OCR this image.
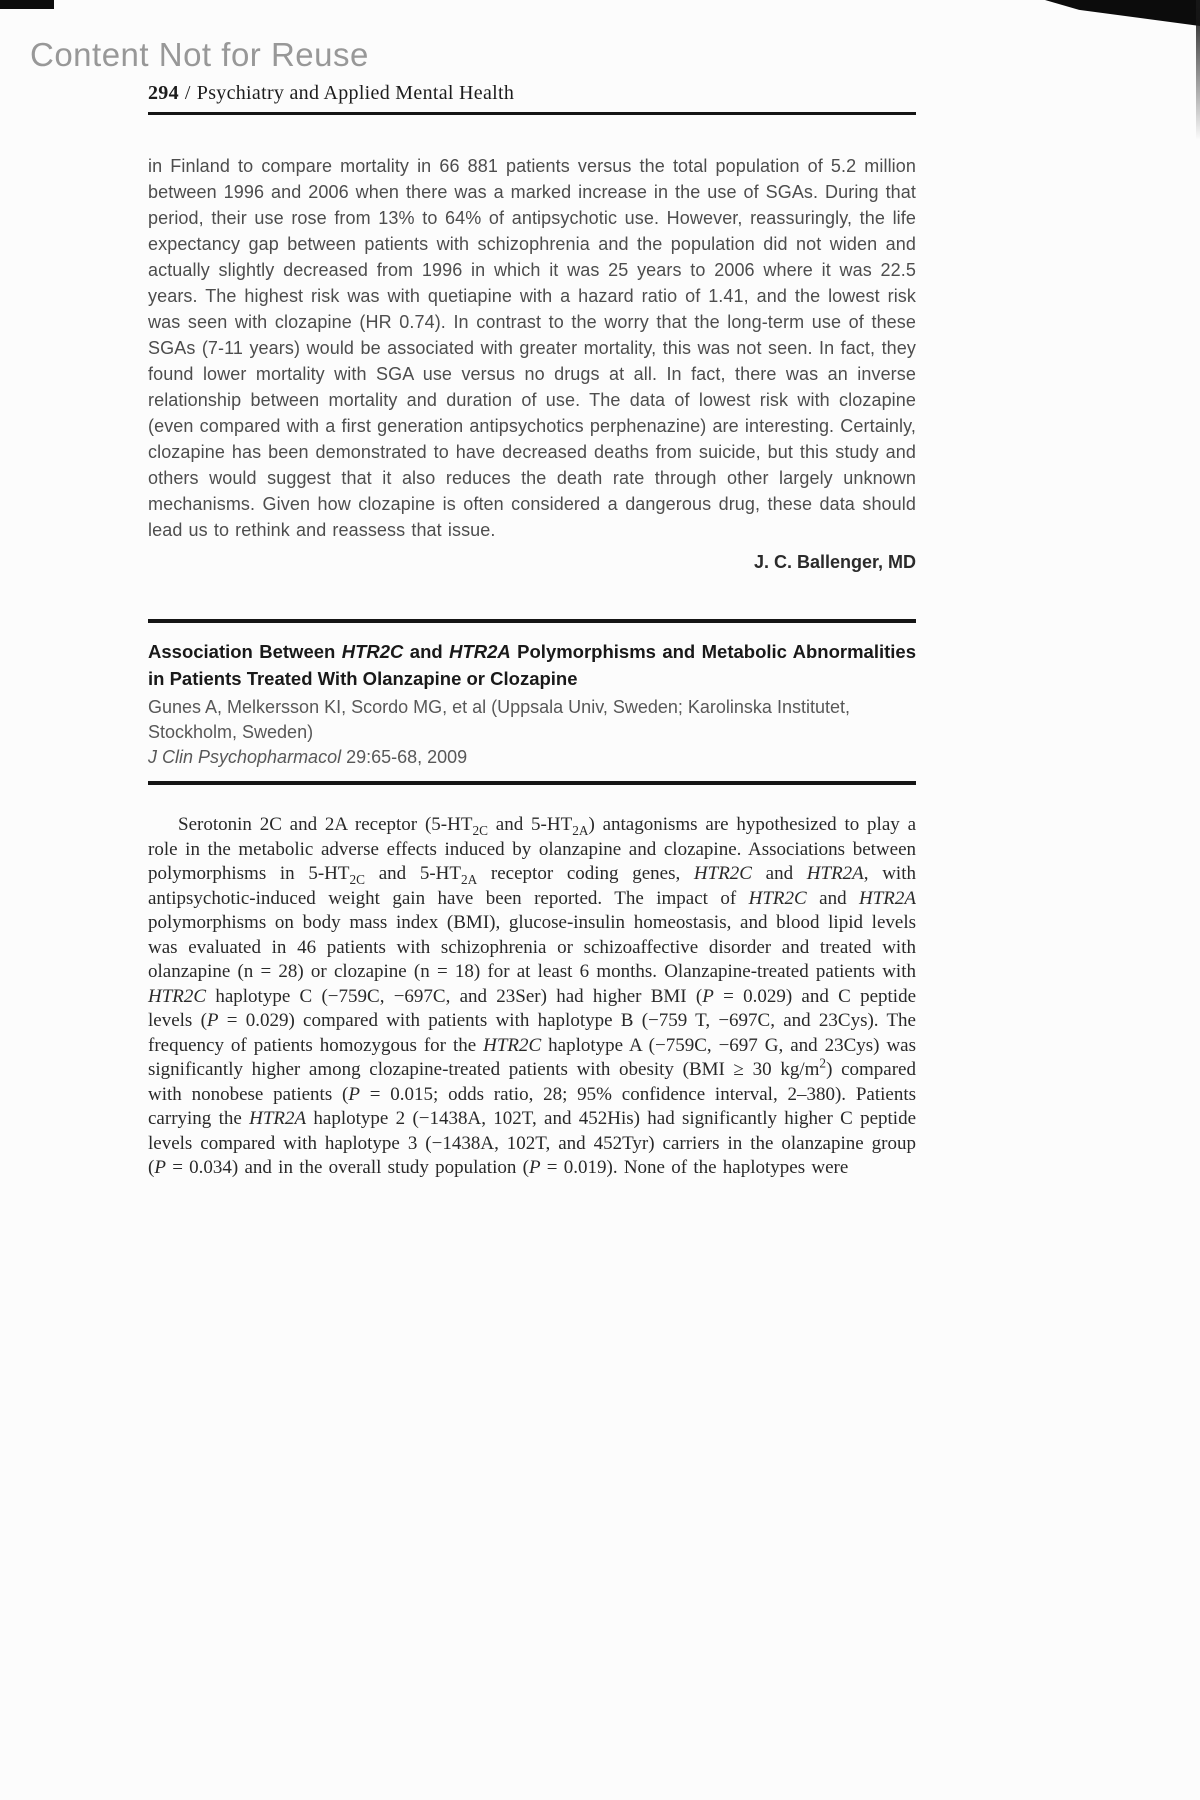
Content Not for Reuse
294 / Psychiatry and Applied Mental Health

in Finland to compare mortality in 66 881 patients versus the total population of 5.2 million between 1996 and 2006 when there was a marked increase in the use of SGAs. During that period, their use rose from 13% to 64% of antipsychotic use. However, reassuringly, the life expectancy gap between patients with schizophrenia and the population did not widen and actually slightly decreased from 1996 in which it was 25 years to 2006 where it was 22.5 years. The highest risk was with quetiapine with a hazard ratio of 1.41, and the lowest risk was seen with clozapine (HR 0.74). In contrast to the worry that the long-term use of these SGAs (7-11 years) would be associated with greater mortality, this was not seen. In fact, they found lower mortality with SGA use versus no drugs at all. In fact, there was an inverse relationship between mortality and duration of use. The data of lowest risk with clozapine (even compared with a first generation antipsychotics perphenazine) are interesting. Certainly, clozapine has been demonstrated to have decreased deaths from suicide, but this study and others would suggest that it also reduces the death rate through other largely unknown mechanisms. Given how clozapine is often considered a dangerous drug, these data should lead us to rethink and reassess that issue.

J. C. Ballenger, MD

Association Between HTR2C and HTR2A Polymorphisms and Metabolic Abnormalities in Patients Treated With Olanzapine or Clozapine

Gunes A, Melkersson KI, Scordo MG, et al (Uppsala Univ, Sweden; Karolinska Institutet, Stockholm, Sweden)

J Clin Psychopharmacol 29:65-68, 2009

Serotonin 2C and 2A receptor ($5-HT_{2C}$ and $5-HT_{2A}$) antagonisms are hypothesized to play a role in the metabolic adverse effects induced by olanzapine and clozapine. Associations between polymorphisms in $5-HT_{2C}$ and $5-HT_{2A}$ receptor coding genes, HTR2C and HTR2A, with antipsychotic-induced weight gain have been reported. The impact of HTR2C and HTR2A polymorphisms on body mass index (BMI), glucose-insulin homeostasis, and blood lipid levels was evaluated in 46 patients with schizophrenia or schizoaffective disorder and treated with olanzapine (n = 28) or clozapine (n = 18) for at least 6 months. Olanzapine-treated patients with HTR2C haplotype C (−759C, −697C, and 23Ser) had higher BMI (P = 0.029) and C peptide levels (P = 0.029) compared with patients with haplotype B (−759 T, −697C, and 23Cys). The frequency of patients homozygous for the HTR2C haplotype A (−759C, −697 G, and 23Cys) was significantly higher among clozapine-treated patients with obesity (BMI ≥ 30 $kg/m^2$) compared with nonobese patients (P = 0.015; odds ratio, 28; 95% confidence interval, 2–380). Patients carrying the HTR2A haplotype 2 (−1438A, 102T, and 452His) had significantly higher C peptide levels compared with haplotype 3 (−1438A, 102T, and 452Tyr) carriers in the olanzapine group (P = 0.034) and in the overall study population (P = 0.019). None of the haplotypes were
